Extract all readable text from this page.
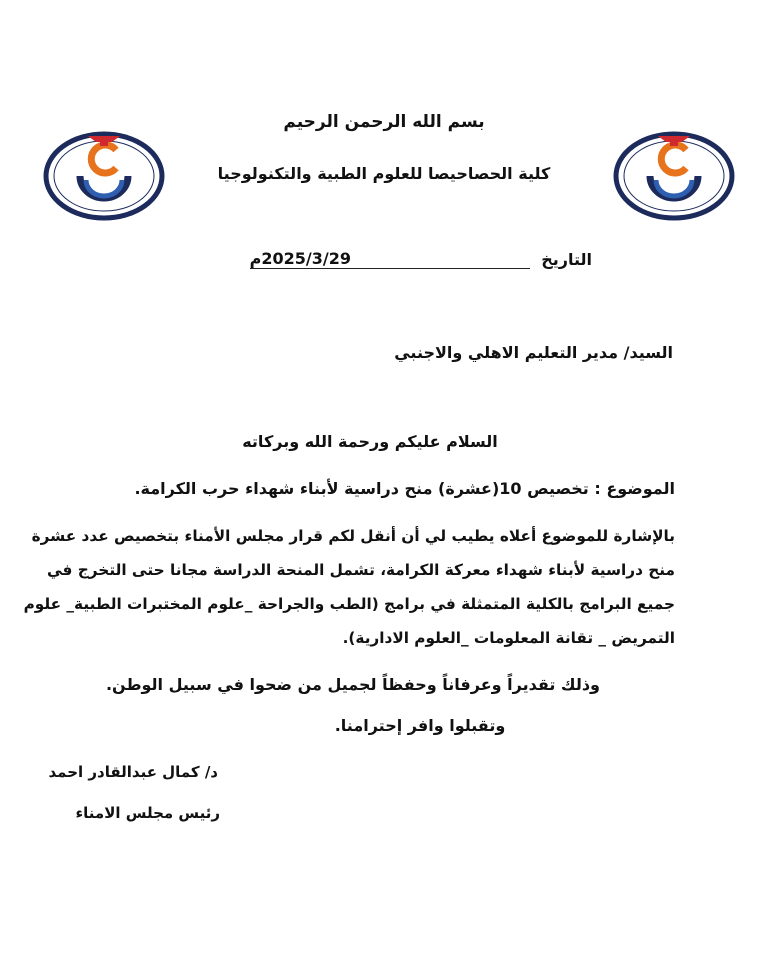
بسم الله الرحمن الرحيم
كلية الحصاحيصا للعلوم الطبية والتكنولوجيا
التاريخ
2025/3/29م
السيد/ مدير التعليم الاهلي والاجنبي
السلام عليكم ورحمة الله وبركاته
الموضوع : تخصيص 10(عشرة) منح دراسية لأبناء شهداء حرب الكرامة.
بالإشارة للموضوع أعلاه يطيب لي أن أنقل لكم قرار مجلس الأمناء بتخصيص عدد عشرة
منح دراسية لأبناء شهداء معركة الكرامة، تشمل المنحة الدراسة مجانا حتى التخرج في
جميع البرامج بالكلية المتمثلة في برامج (الطب والجراحة _علوم المختبرات الطبية_ علوم
التمريض _ تقانة المعلومات _العلوم الادارية).
وذلك تقديراً وعرفاناً وحفظاً لجميل من ضحوا في سبيل الوطن.
وتقبلوا وافر إحترامنا.
د/ كمال عبدالقادر احمد
رئيس مجلس الامناء
